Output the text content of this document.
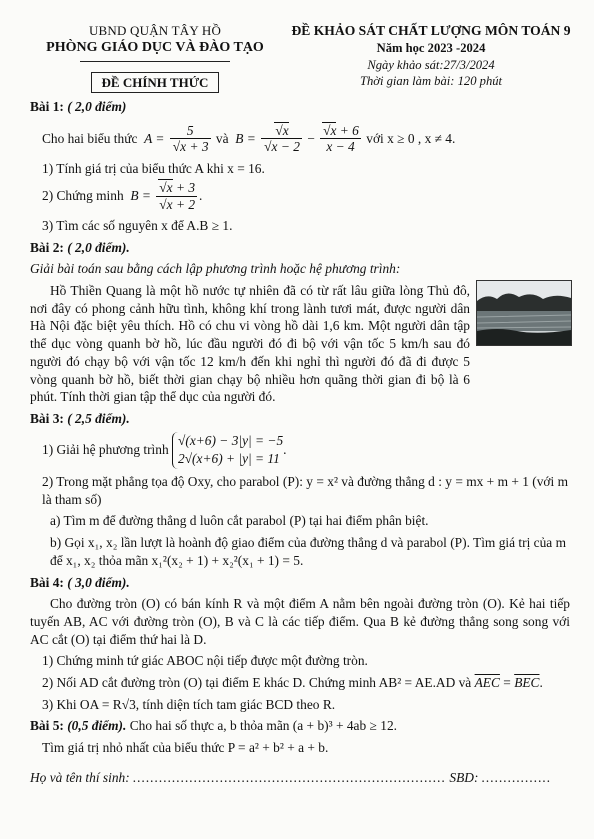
UBND QUẬN TÂY HỒ
PHÒNG GIÁO DỤC VÀ ĐÀO TẠO
ĐỀ CHÍNH THỨC
ĐỀ KHẢO SÁT CHẤT LƯỢNG MÔN TOÁN 9
Năm học 2023 -2024
Ngày khảo sát:27/3/2024
Thời gian làm bài: 120 phút

Bài 1: ( 2,0 điểm)

Cho hai biểu thức  $A = \frac{5}{√x + 3}$ và  $B = \frac{√x}{√x - 2} - \frac{√x + 6}{x - 4}$ với x ≥ 0 , x ≠ 4.

1) Tính giá trị của biểu thức A khi x = 16.

2) Chứng minh  $B = \frac{√x + 3}{√x + 2}$ .

3) Tìm các số nguyên x để A.B ≥ 1.

Bài 2: ( 2,0 điểm).

Giải bài toán sau bằng cách lập phương trình hoặc hệ phương trình:

Hồ Thiền Quang là một hồ nước tự nhiên đã có từ rất lâu giữa lòng Thủ đô, nơi đây có phong cảnh hữu tình, không khí trong lành tươi mát, được người dân Hà Nội đặc biệt yêu thích. Hồ có chu vi vòng hồ dài 1,6 km. Một người dân tập thể dục vòng quanh bờ hồ, lúc đầu người đó đi bộ với vận tốc 5 km/h sau đó người đó chạy bộ với vận tốc 12 km/h đến khi nghỉ thì người đó đã đi được 5 vòng quanh bờ hồ, biết thời gian chạy bộ nhiều hơn quãng thời gian đi bộ là 6 phút. Tính thời gian tập thể dục của người đó.

Bài 3: ( 2,5 điểm).

1) Giải hệ phương trình
√(x+6) − 3|y| = −5
2√(x+6) + |y| = 11
.

2) Trong mặt phẳng tọa độ Oxy, cho parabol (P): y = x² và đường thẳng d : y = mx + m + 1 (với m là tham số)

a) Tìm m để đường thẳng d luôn cắt parabol (P) tại hai điểm phân biệt.

b) Gọi x₁, x₂ lần lượt là hoành độ giao điểm của đường thẳng d và parabol (P). Tìm giá trị của m để x₁, x₂ thỏa mãn x₁²(x₂ + 1) + x₂²(x₁ + 1) = 5.

Bài 4: ( 3,0 điểm).

Cho đường tròn (O) có bán kính R và một điểm A nằm bên ngoài đường tròn (O). Kẻ hai tiếp tuyến AB, AC với đường tròn (O), B và C là các tiếp điểm. Qua B kẻ đường thẳng song song với AC cắt (O) tại điểm thứ hai là D.

1) Chứng minh tứ giác ABOC nội tiếp được một đường tròn.

2) Nối AD cắt đường tròn (O) tại điểm E khác D. Chứng minh AB² = AE.AD và $\overline{AEC} = \overline{BEC}$.

3) Khi OA = R√3, tính diện tích tam giác BCD theo R.

Bài 5: (0,5 điểm). Cho hai số thực a, b thỏa mãn (a + b)³ + 4ab ≥ 12.

Tìm giá trị nhỏ nhất của biểu thức P = a² + b² + a + b.

Họ và tên thí sinh: ........................................................................ SBD: ................
